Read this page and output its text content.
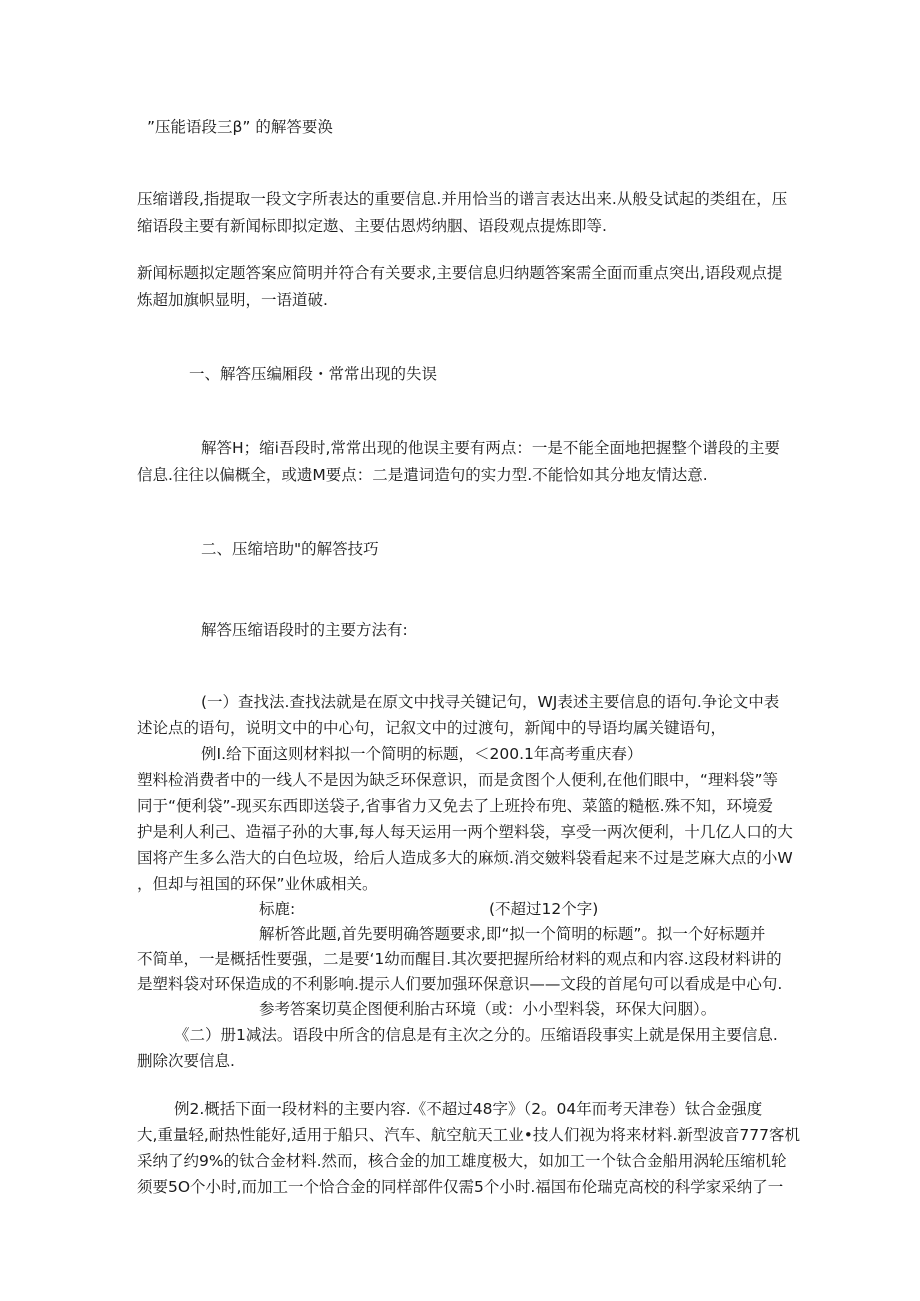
”压能语段三β” 的解答要涣
压缩谱段,指提取一段文字所表达的重要信息.并用恰当的谱言表达出来.从般殳试起的类组在，压
缩语段主要有新闻标即拟定遨、主要估恩烵纳胭、语段观点提炼即等.
新闻标题拟定题答案应简明并符合有关要求,主要信息归纳题答案需全面而重点突出,语段观点提
炼超加旗帜显明，一语道破.
一、解答压编厢段・常常出现的失误
解答H；缩i吾段时,常常出现的他误主要有两点：一是不能全面地把握整个谱段的主要
信息.往往以偏概全，或遗M要点：二是遣词造句的实力型.不能恰如其分地友情达意.
二、压缩培助"的解答技巧
解答压缩语段时的主要方法有:
(一）查找法.查找法就是在原文中找寻关键记句，WJ表述主要信息的语句.争论文中表
述论点的语句，说明文中的中心句，记叙文中的过渡句，新闻中的导语均属关键语句，
例I.给下面这则材料拟一个简明的标题，＜200.1年高考重庆春）
塑料检消费者中的一线人不是因为缺乏环保意识，而是贪图个人便利,在他们眼中，“理料袋”等
同于“便利袋”-现买东西即送袋子,省事省力又免去了上班拎布兜、菜篮的糙柩.殊不知，环境爱
护是利人利己、造福子孙的大事,每人每天运用一两个塑料袋，享受一两次便利，十几亿人口的大
国将产生多么浩大的白色垃圾，给后人造成多大的麻烦.消交皴料袋看起来不过是芝麻大点的小W
，但却与祖国的环保”业休戚相关。
标鹿:	(不超过12个字)
解析答此题,首先要明确答题要求,即“拟一个简明的标题”。拟一个好标题并
不简单，一是概括性要强，二是要‘1幼而醒目.其次要把握所给材料的观点和内容.这段材料讲的
是塑料袋对环保造成的不利影响.提示人们要加强环保意识——文段的首尾句可以看成是中心句.
参考答案切莫企图便利胎古环境（或：小小型料袋，环保大问胭）。
《二）册1减法。语段中所含的信息是有主次之分的。压缩语段事实上就是保用主要信息.
删除次要信息.
例2.概括下面一段材料的主要内容.《不超过48字》（2。04年而考天津卷）钛合金强度
大,重量轻,耐热性能好,适用于船只、汽车、航空航天工业•技人们视为将来材料.新型波音777客机
采纳了约9%的钛合金材料.然而，核合金的加工雄度极大，如加工一个钛合金船用涡轮压缩机轮
须要5O个小时,而加工一个恰合金的同样部件仅需5个小时.福国布伦瑞克高校的科学家采纳了一
